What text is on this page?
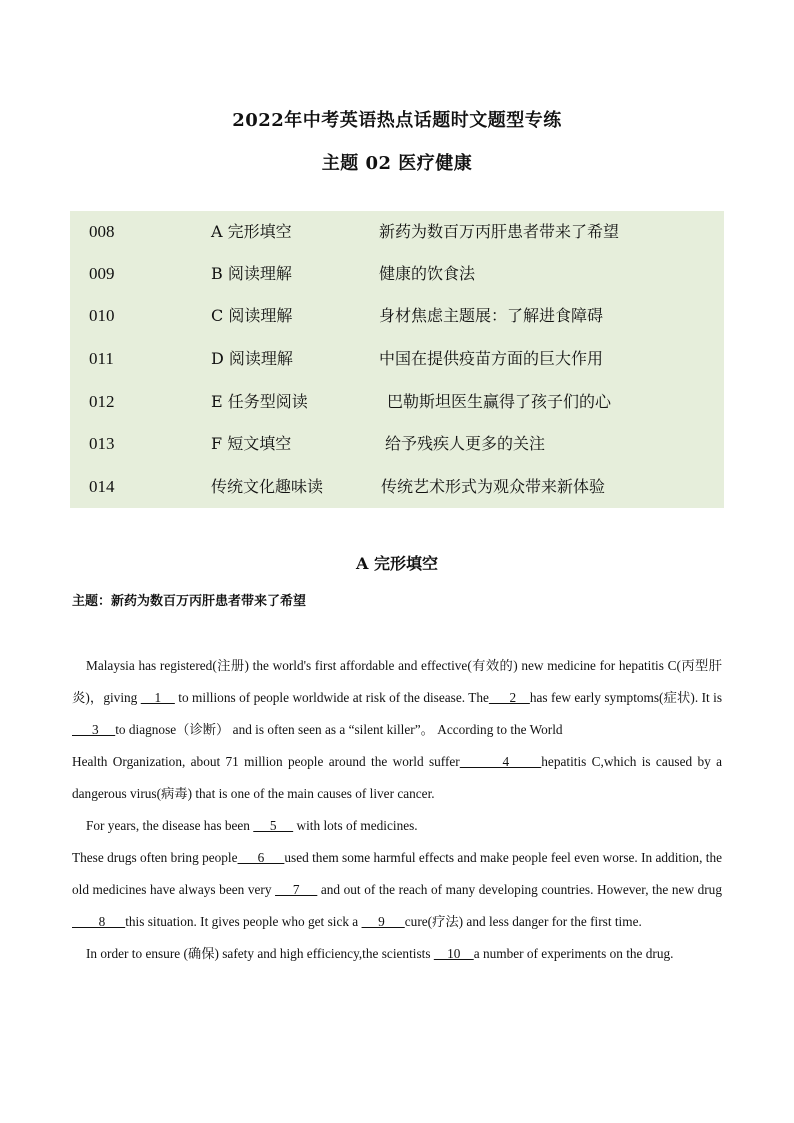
2022年中考英语热点话题时文题型专练
主题 02 医疗健康
008	A 完形填空	新药为数百万丙肝患者带来了希望
009	B 阅读理解	健康的饮食法
010	C 阅读理解	身材焦虑主题展：了解进食障碍
011	D 阅读理解	中国在提供疫苗方面的巨大作用
012	E 任务型阅读	巴勒斯坦医生赢得了孩子们的心
013	F 短文填空	给予残疾人更多的关注
014	传统文化趣味读	传统艺术形式为观众带来新体验
A 完形填空
主题：新药为数百万丙肝患者带来了希望

Malaysia has registered(注册) the world's first affordable and effective(有效的) new medicine for hepatitis C(丙型肝炎)，giving     1     to millions of people worldwide at risk of the disease. The      2    has few early symptoms(症状). It is       3     to diagnose（诊断） and is often seen as a “silent killer”。 According to the World

Health Organization, about 71 million people around the world suffer        4      hepatitis C,which is caused by a dangerous virus(病毒) that is one of the main causes of liver cancer.

For years, the disease has been      5      with lots of medicines.

These drugs often bring people      6      used them some harmful effects and make people feel even worse. In addition, the old medicines have always been very      7      and out of the reach of many developing countries. However, the new drug        8      this situation. It gives people who get sick a      9      cure(疗法) and less danger for the first time.

In order to ensure (确保) safety and high efficiency,the scientists     10    a number of experiments on the drug.
